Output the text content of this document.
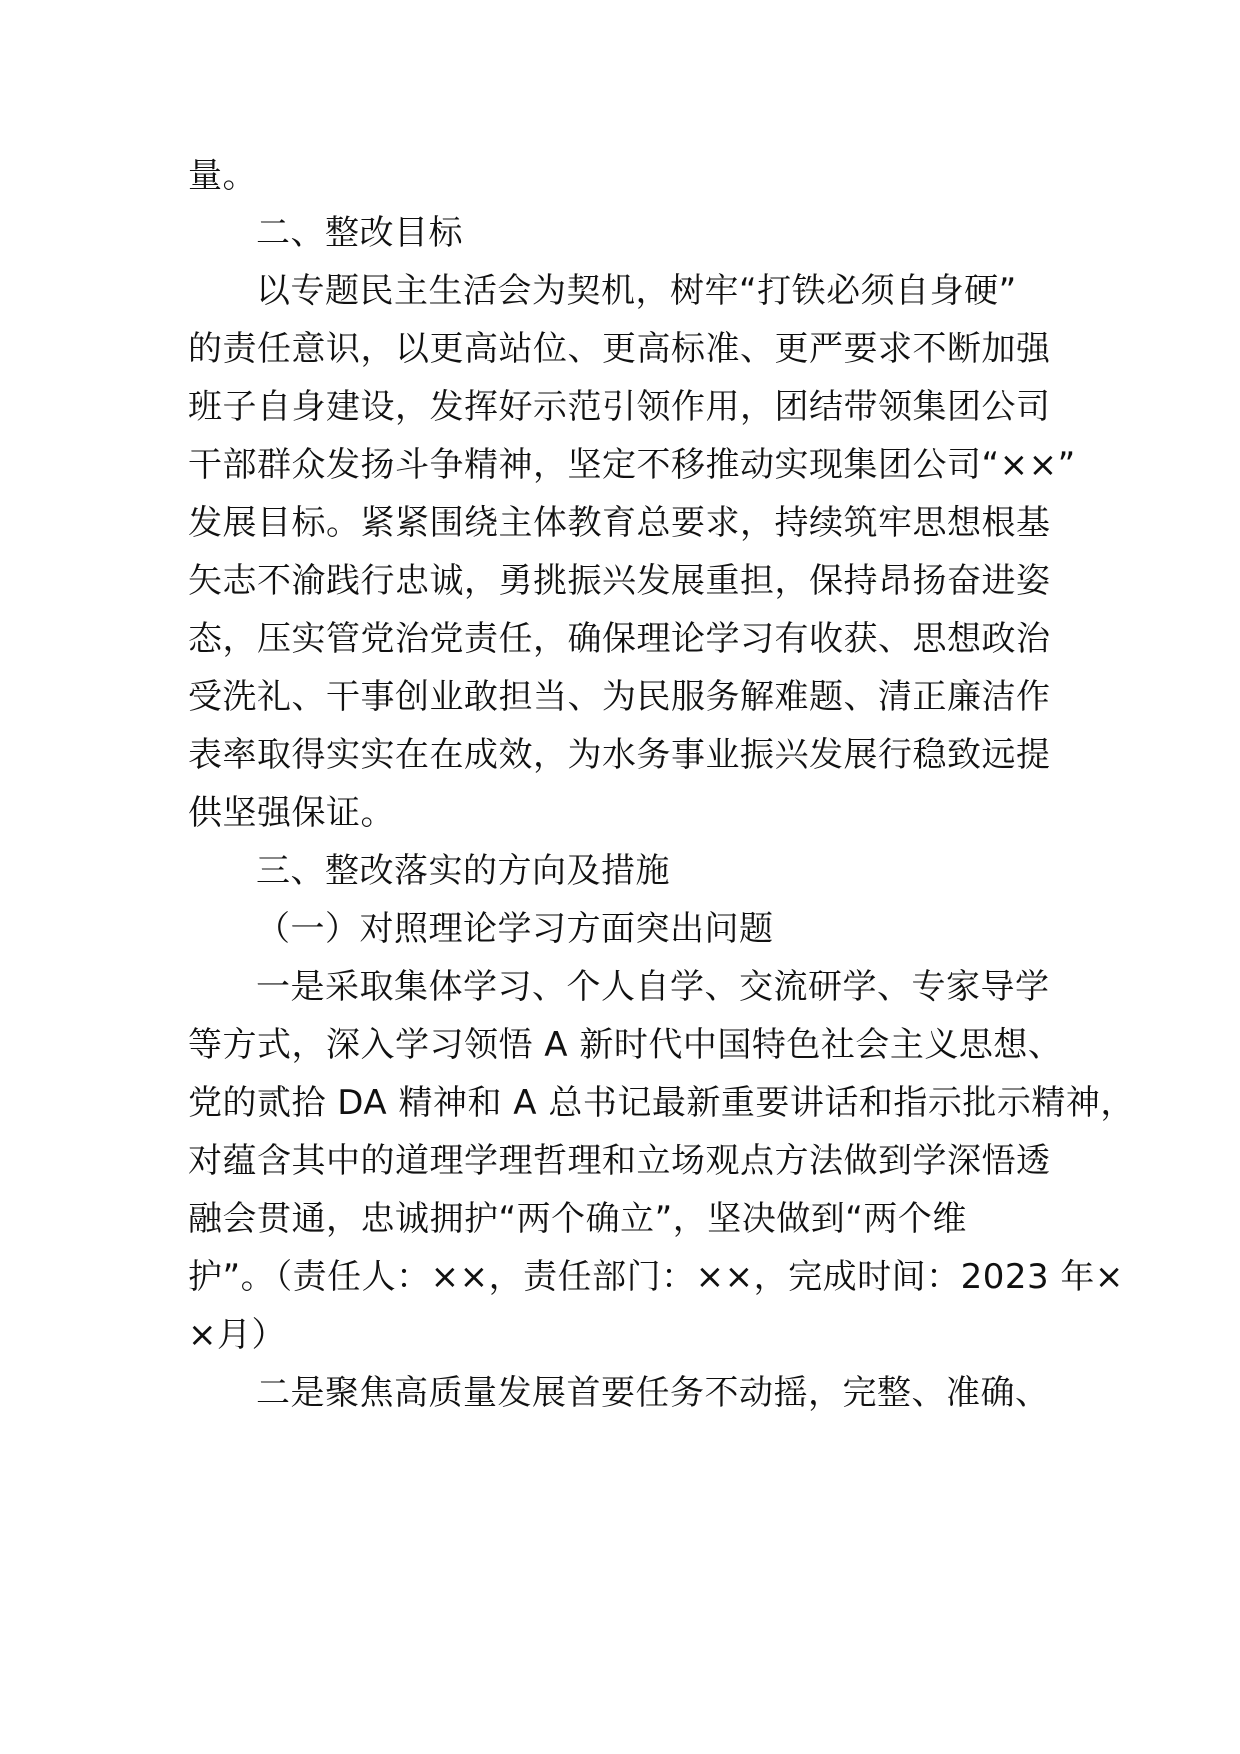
量。

二、整改目标

以专题民主生活会为契机，树牢“打铁必须自身硬”

的责任意识，以更高站位、更高标准、更严要求不断加强

班子自身建设，发挥好示范引领作用，团结带领集团公司

干部群众发扬斗争精神，坚定不移推动实现集团公司“××”

发展目标。紧紧围绕主体教育总要求，持续筑牢思想根基

矢志不渝践行忠诚，勇挑振兴发展重担，保持昂扬奋进姿

态，压实管党治党责任，确保理论学习有收获、思想政治

受洗礼、干事创业敢担当、为民服务解难题、清正廉洁作

表率取得实实在在成效，为水务事业振兴发展行稳致远提

供坚强保证。

三、整改落实的方向及措施

（一）对照理论学习方面突出问题

一是采取集体学习、个人自学、交流研学、专家导学

等方式，深入学习领悟 A 新时代中国特色社会主义思想、

党的贰拾 DA 精神和 A 总书记最新重要讲话和指示批示精神，

对蕴含其中的道理学理哲理和立场观点方法做到学深悟透

融会贯通，忠诚拥护“两个确立”，坚决做到“两个维

护”。（责任人：××，责任部门：××，完成时间：2023 年×

×月）

二是聚焦高质量发展首要任务不动摇，完整、准确、
